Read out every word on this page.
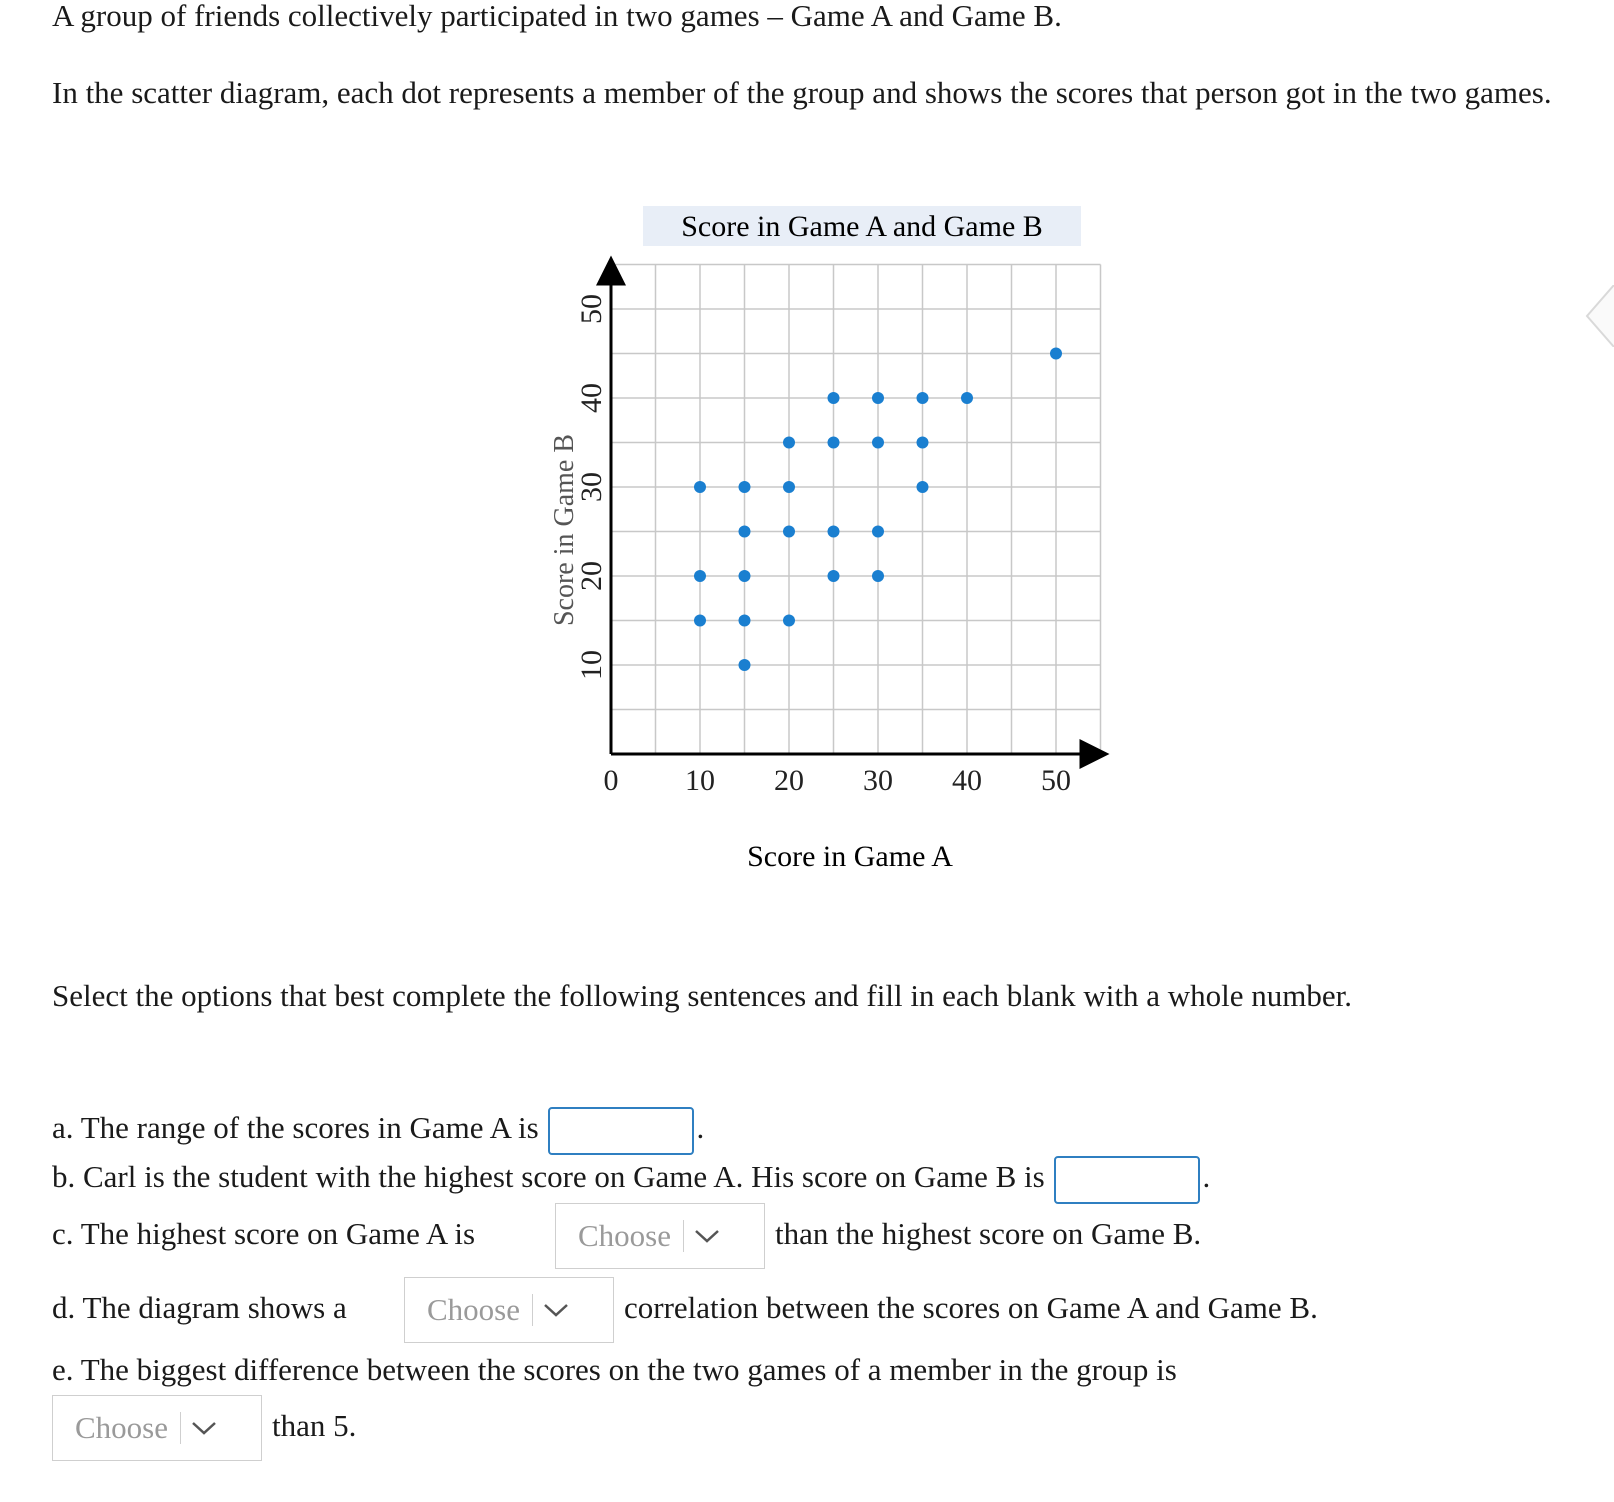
A group of friends collectively participated in two games – Game A and Game B.
In the scatter diagram, each dot represents a member of the group and shows the scores that person got in the two games.
Score in Game A and Game B
0 10 20 30 40 50
10
20
30
40
50
Score in Game A
Score in Game B
Select the options that best complete the following sentences and fill in each blank with a whole number.
a. The range of the scores in Game A is	.
b. Carl is the student with the highest score on Game A. His score on Game B is	.
c. The highest score on Game A is	Choose	than the highest score on Game B.
d. The diagram shows a	Choose	correlation between the scores on Game A and Game B.
e. The biggest difference between the scores on the two games of a member in the group is
Choose	than 5.
